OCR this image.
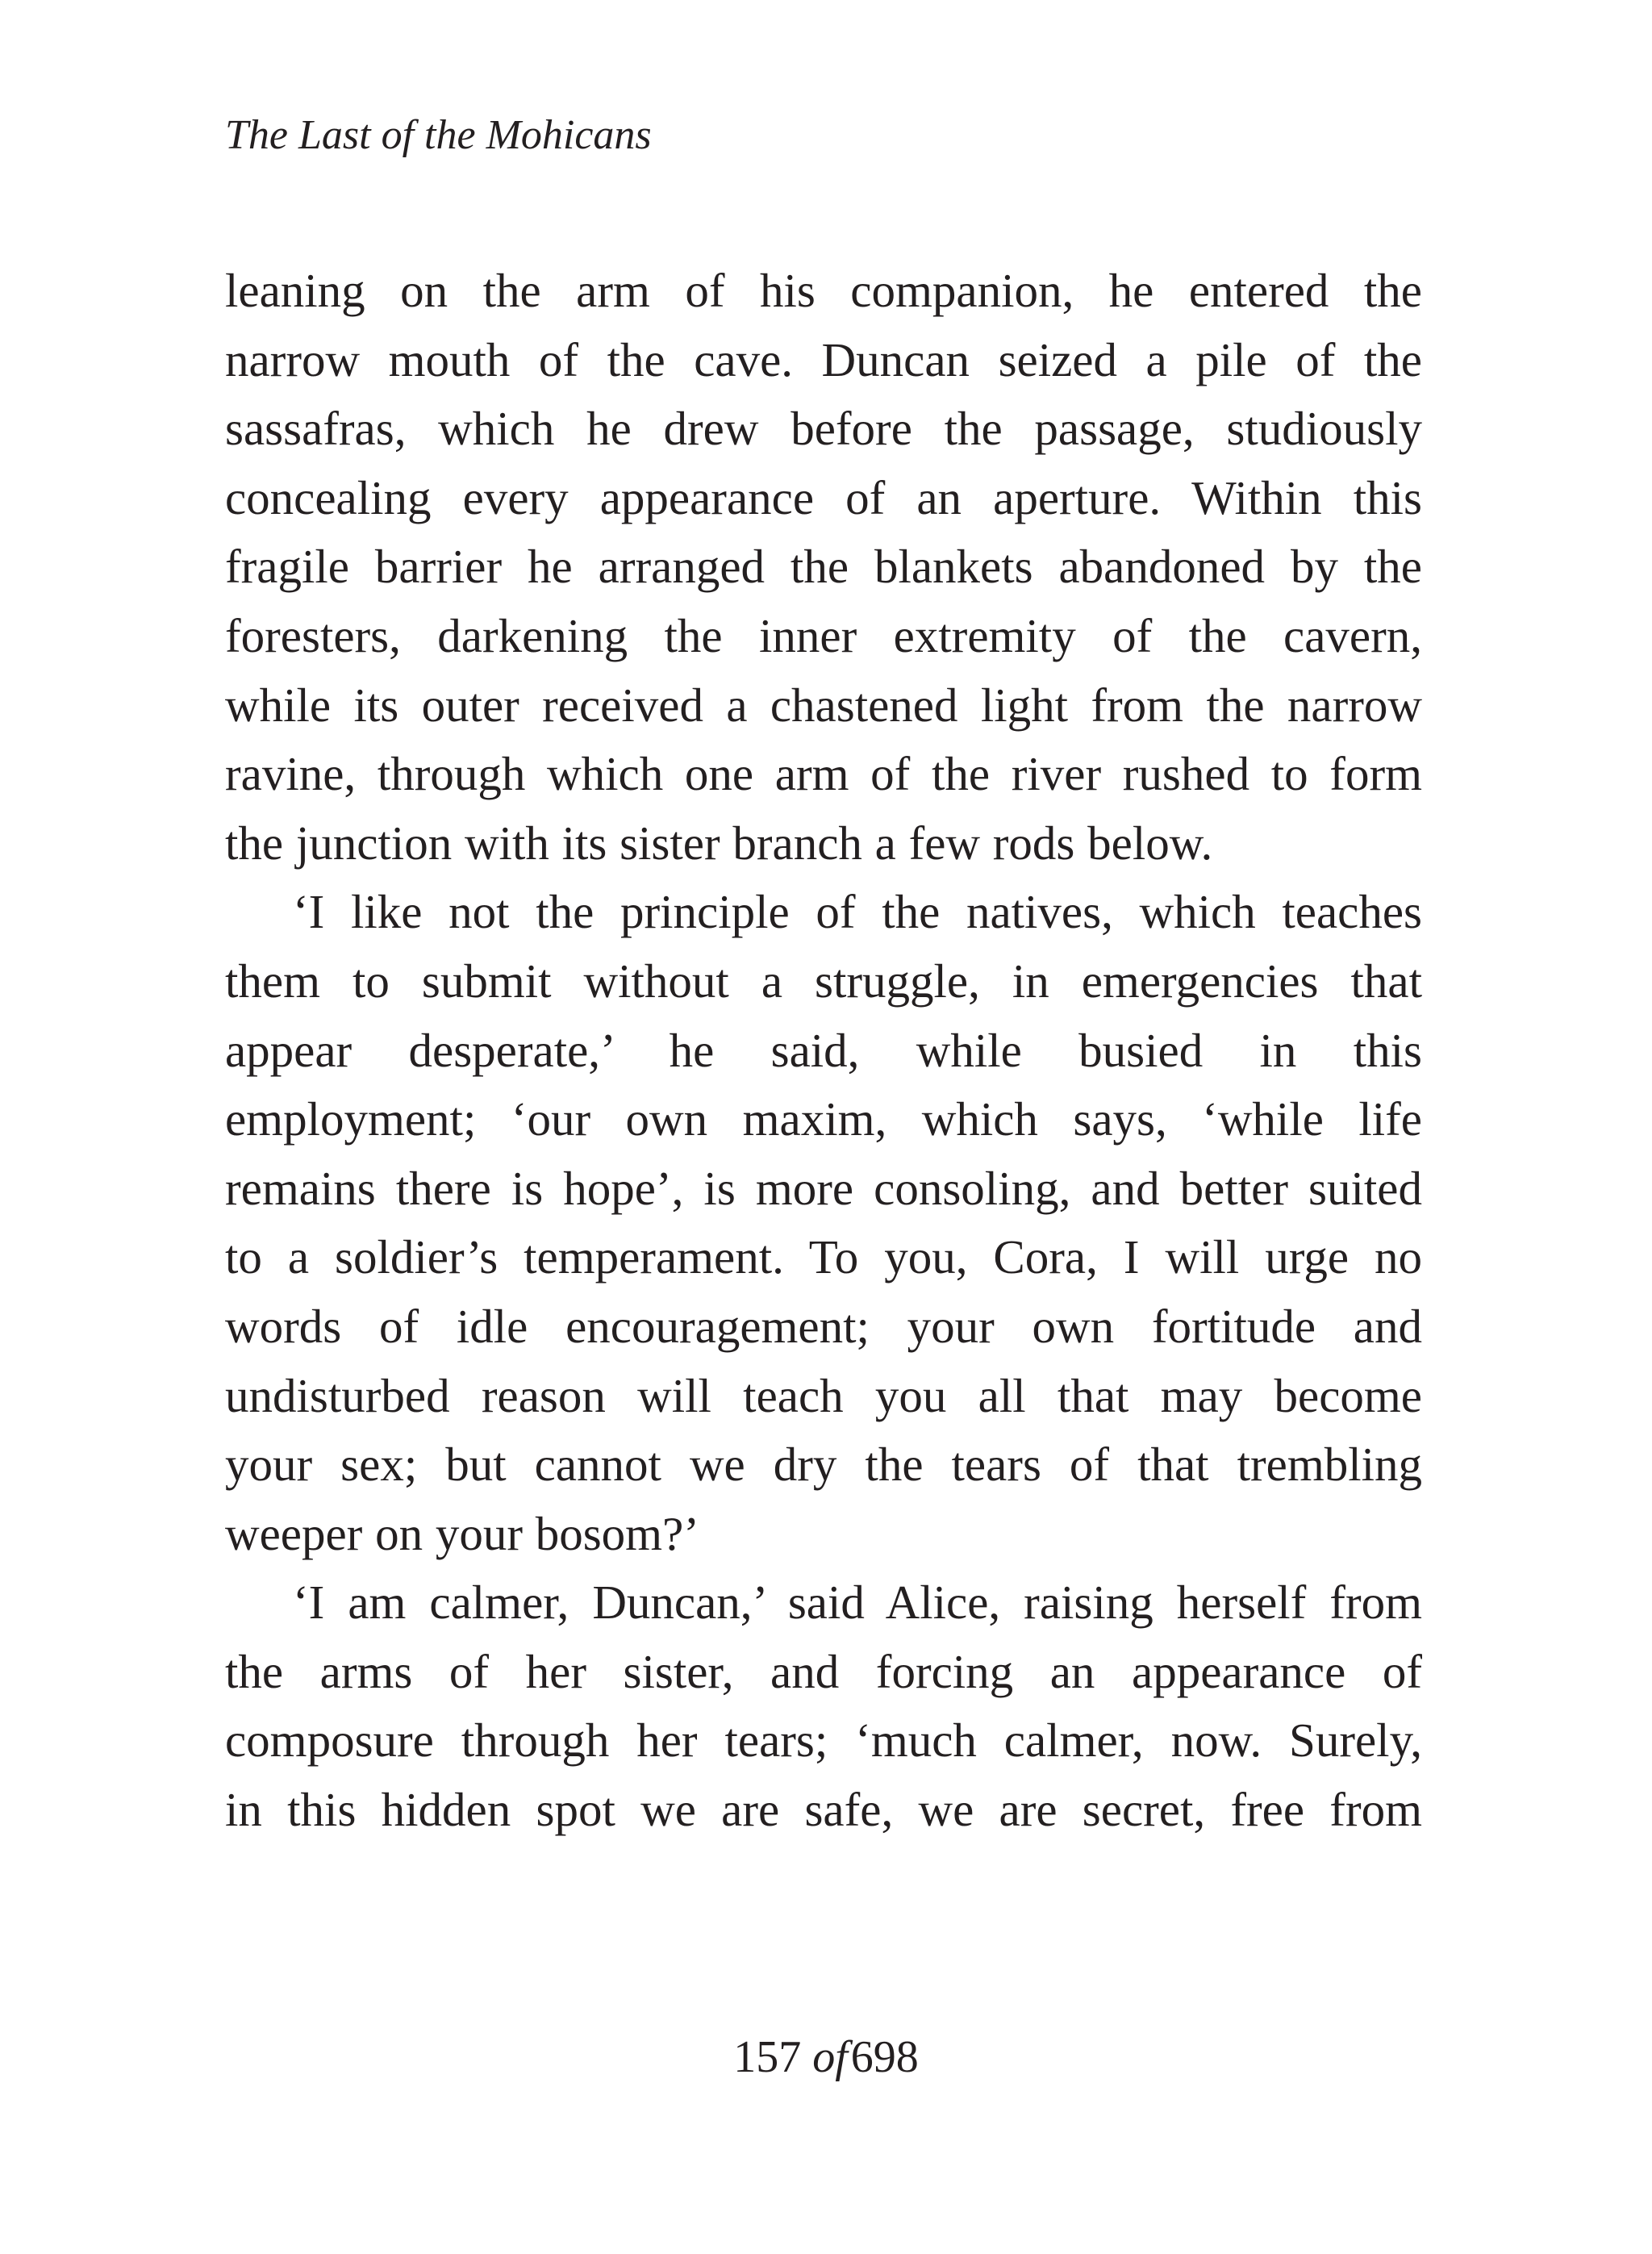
The Last of the Mohicans
leaning on the arm of his companion, he entered the
narrow mouth of the cave. Duncan seized a pile of the
sassafras, which he drew before the passage, studiously
concealing every appearance of an aperture. Within this
fragile barrier he arranged the blankets abandoned by the
foresters, darkening the inner extremity of the cavern,
while its outer received a chastened light from the narrow
ravine, through which one arm of the river rushed to form
the junction with its sister branch a few rods below.
‘I like not the principle of the natives, which teaches
them to submit without a struggle, in emergencies that
appear desperate,’ he said, while busied in this
employment; ‘our own maxim, which says, ‘while life
remains there is hope’, is more consoling, and better suited
to a soldier’s temperament. To you, Cora, I will urge no
words of idle encouragement; your own fortitude and
undisturbed reason will teach you all that may become
your sex; but cannot we dry the tears of that trembling
weeper on your bosom?’
‘I am calmer, Duncan,’ said Alice, raising herself from
the arms of her sister, and forcing an appearance of
composure through her tears; ‘much calmer, now. Surely,
in this hidden spot we are safe, we are secret, free from
157 of698
